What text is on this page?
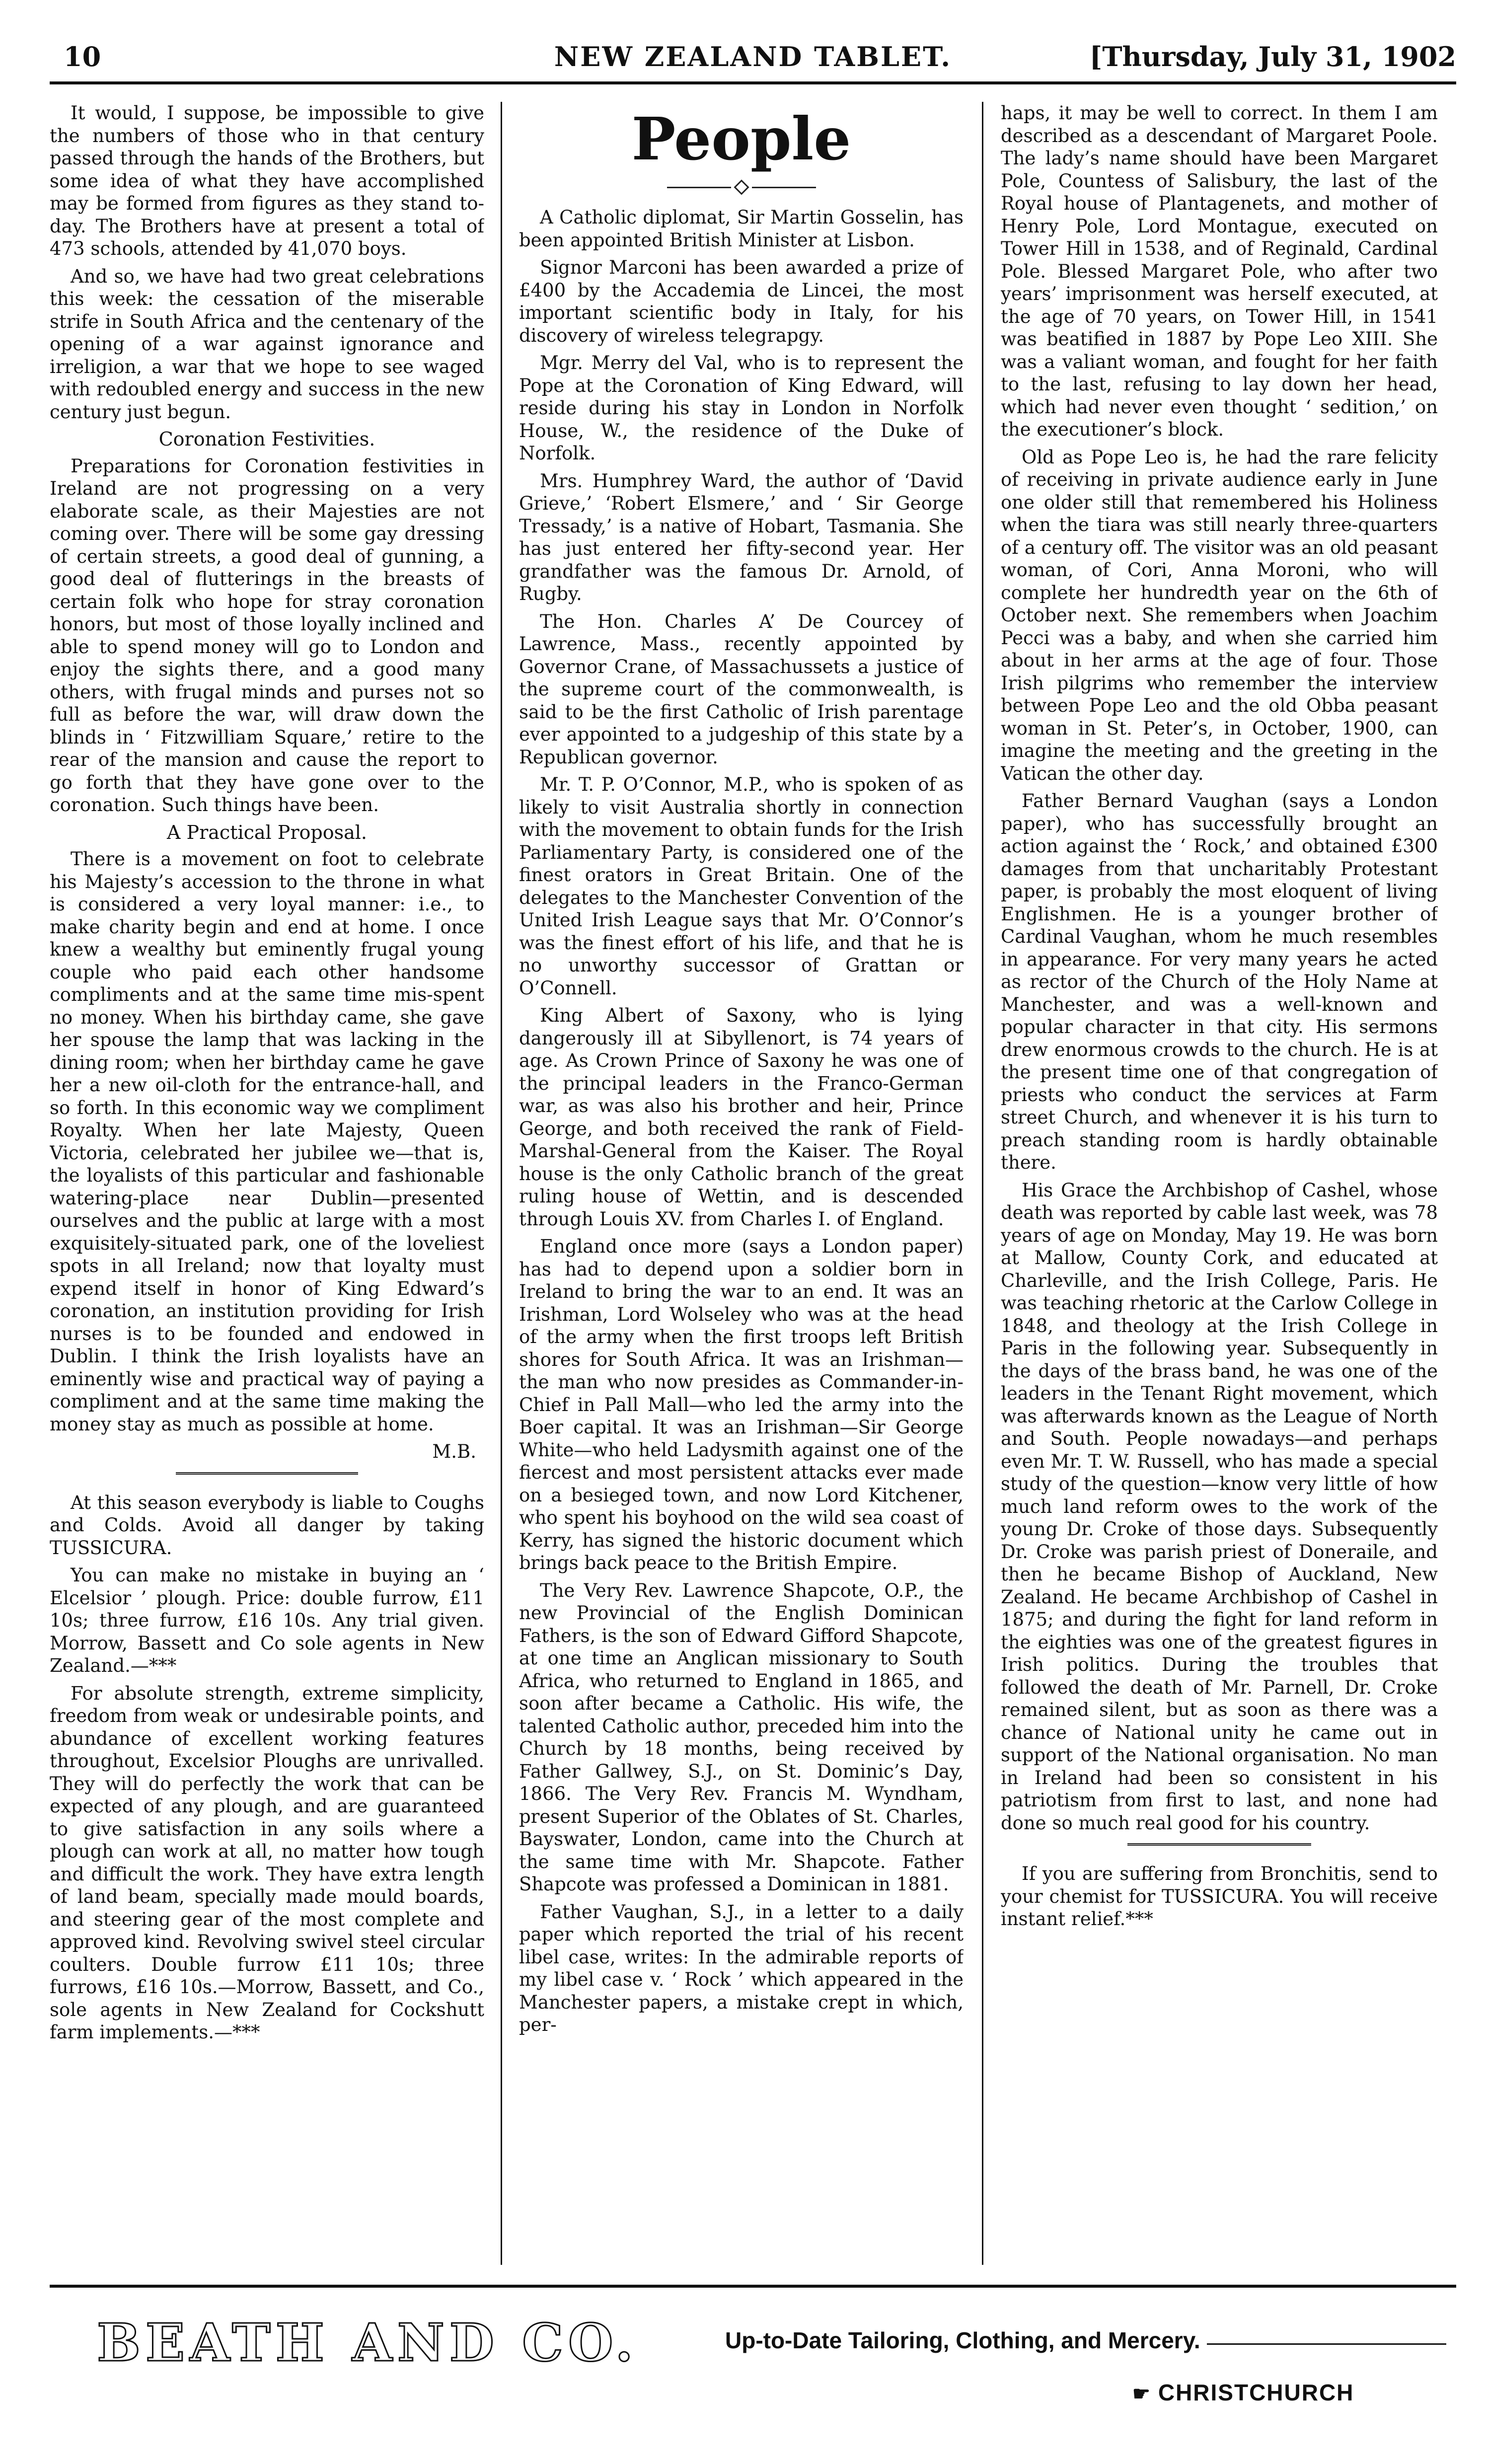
10	NEW ZEALAND TABLET.	[Thursday, July 31, 1902

It would, I suppose, be impossible to give the numbers of those who in that century passed through the hands of the Brothers, but some idea of what they have accomplished may be formed from figures as they stand to-day. The Brothers have at present a total of 473 schools, attended by 41,070 boys.

And so, we have had two great celebrations this week: the cessation of the miserable strife in South Africa and the centenary of the opening of a war against ignorance and irreligion, a war that we hope to see waged with redoubled energy and success in the new century just begun.

Coronation Festivities.

Preparations for Coronation festivities in Ireland are not progressing on a very elaborate scale, as their Majesties are not coming over. There will be some gay dressing of certain streets, a good deal of gunning, a good deal of flutterings in the breasts of certain folk who hope for stray coronation honors, but most of those loyally inclined and able to spend money will go to London and enjoy the sights there, and a good many others, with frugal minds and purses not so full as before the war, will draw down the blinds in ‘ Fitzwilliam Square,’ retire to the rear of the mansion and cause the report to go forth that they have gone over to the coronation. Such things have been.

A Practical Proposal.

There is a movement on foot to celebrate his Majesty’s accession to the throne in what is considered a very loyal manner: i.e., to make charity begin and end at home. I once knew a wealthy but eminently frugal young couple who paid each other handsome compliments and at the same time mis-spent no money. When his birthday came, she gave her spouse the lamp that was lacking in the dining room; when her birthday came he gave her a new oil-cloth for the entrance-hall, and so forth. In this economic way we compliment Royalty. When her late Majesty, Queen Victoria, celebrated her jubilee we—that is, the loyalists of this particular and fashionable watering-place near Dublin—presented ourselves and the public at large with a most exquisitely-situated park, one of the loveliest spots in all Ireland; now that loyalty must expend itself in honor of King Edward’s coronation, an institution providing for Irish nurses is to be founded and endowed in Dublin. I think the Irish loyalists have an eminently wise and practical way of paying a compliment and at the same time making the money stay as much as possible at home.

M.B.

At this season everybody is liable to Coughs and Colds. Avoid all danger by taking TUSSICURA.

You can make no mistake in buying an ‘ Elcelsior ’ plough. Price: double furrow, £11 10s; three furrow, £16 10s. Any trial given. Morrow, Bassett and Co sole agents in New Zealand.—***

For absolute strength, extreme simplicity, freedom from weak or undesirable points, and abundance of excellent working features throughout, Excelsior Ploughs are unrivalled. They will do perfectly the work that can be expected of any plough, and are guaranteed to give satisfaction in any soils where a plough can work at all, no matter how tough and difficult the work. They have extra length of land beam, specially made mould boards, and steering gear of the most complete and approved kind. Revolving swivel steel circular coulters. Double furrow £11 10s; three furrows, £16 10s.—Morrow, Bassett, and Co., sole agents in New Zealand for Cockshutt farm implements.—***

People

A Catholic diplomat, Sir Martin Gosselin, has been appointed British Minister at Lisbon.

Signor Marconi has been awarded a prize of £400 by the Accademia de Lincei, the most important scientific body in Italy, for his discovery of wireless telegrapgy.

Mgr. Merry del Val, who is to represent the Pope at the Coronation of King Edward, will reside during his stay in London in Norfolk House, W., the residence of the Duke of Norfolk.

Mrs. Humphrey Ward, the author of ‘David Grieve,’ ‘Robert Elsmere,’ and ‘ Sir George Tressady,’ is a native of Hobart, Tasmania. She has just entered her fifty-second year. Her grandfather was the famous Dr. Arnold, of Rugby.

The Hon. Charles A’ De Courcey of Lawrence, Mass., recently appointed by Governor Crane, of Massachussets a justice of the supreme court of the commonwealth, is said to be the first Catholic of Irish parentage ever appointed to a judgeship of this state by a Republican governor.

Mr. T. P. O’Connor, M.P., who is spoken of as likely to visit Australia shortly in connection with the movement to obtain funds for the Irish Parliamentary Party, is considered one of the finest orators in Great Britain. One of the delegates to the Manchester Convention of the United Irish League says that Mr. O’Connor’s was the finest effort of his life, and that he is no unworthy successor of Grattan or O’Connell.

King Albert of Saxony, who is lying dangerously ill at Sibyllenort, is 74 years of age. As Crown Prince of Saxony he was one of the principal leaders in the Franco-German war, as was also his brother and heir, Prince George, and both received the rank of Field-Marshal-General from the Kaiser. The Royal house is the only Catholic branch of the great ruling house of Wettin, and is descended through Louis XV. from Charles I. of England.

England once more (says a London paper) has had to depend upon a soldier born in Ireland to bring the war to an end. It was an Irishman, Lord Wolseley who was at the head of the army when the first troops left British shores for South Africa. It was an Irishman—the man who now presides as Commander-in-Chief in Pall Mall—who led the army into the Boer capital. It was an Irishman—Sir George White—who held Ladysmith against one of the fiercest and most persistent attacks ever made on a besieged town, and now Lord Kitchener, who spent his boyhood on the wild sea coast of Kerry, has signed the historic document which brings back peace to the British Empire.

The Very Rev. Lawrence Shapcote, O.P., the new Provincial of the English Dominican Fathers, is the son of Edward Gifford Shapcote, at one time an Anglican missionary to South Africa, who returned to England in 1865, and soon after became a Catholic. His wife, the talented Catholic author, preceded him into the Church by 18 months, being received by Father Gallwey, S.J., on St. Dominic’s Day, 1866. The Very Rev. Francis M. Wyndham, present Superior of the Oblates of St. Charles, Bayswater, London, came into the Church at the same time with Mr. Shapcote. Father Shapcote was professed a Dominican in 1881.

Father Vaughan, S.J., in a letter to a daily paper which reported the trial of his recent libel case, writes: In the admirable reports of my libel case v. ‘ Rock ’ which appeared in the Manchester papers, a mistake crept in which, per-

haps, it may be well to correct. In them I am described as a descendant of Margaret Poole. The lady’s name should have been Margaret Pole, Countess of Salisbury, the last of the Royal house of Plantagenets, and mother of Henry Pole, Lord Montague, executed on Tower Hill in 1538, and of Reginald, Cardinal Pole. Blessed Margaret Pole, who after two years’ imprisonment was herself executed, at the age of 70 years, on Tower Hill, in 1541 was beatified in 1887 by Pope Leo XIII. She was a valiant woman, and fought for her faith to the last, refusing to lay down her head, which had never even thought ‘ sedition,’ on the executioner’s block.

Old as Pope Leo is, he had the rare felicity of receiving in private audience early in June one older still that remembered his Holiness when the tiara was still nearly three-quarters of a century off. The visitor was an old peasant woman, of Cori, Anna Moroni, who will complete her hundredth year on the 6th of October next. She remembers when Joachim Pecci was a baby, and when she carried him about in her arms at the age of four. Those Irish pilgrims who remember the interview between Pope Leo and the old Obba peasant woman in St. Peter’s, in October, 1900, can imagine the meeting and the greeting in the Vatican the other day.

Father Bernard Vaughan (says a London paper), who has successfully brought an action against the ‘ Rock,’ and obtained £300 damages from that uncharitably Protestant paper, is probably the most eloquent of living Englishmen. He is a younger brother of Cardinal Vaughan, whom he much resembles in appearance. For very many years he acted as rector of the Church of the Holy Name at Manchester, and was a well-known and popular character in that city. His sermons drew enormous crowds to the church. He is at the present time one of that congregation of priests who conduct the services at Farm street Church, and whenever it is his turn to preach standing room is hardly obtainable there.

His Grace the Archbishop of Cashel, whose death was reported by cable last week, was 78 years of age on Monday, May 19. He was born at Mallow, County Cork, and educated at Charleville, and the Irish College, Paris. He was teaching rhetoric at the Carlow College in 1848, and theology at the Irish College in Paris in the following year. Subsequently in the days of the brass band, he was one of the leaders in the Tenant Right movement, which was afterwards known as the League of North and South. People nowadays—and perhaps even Mr. T. W. Russell, who has made a special study of the question—know very little of how much land reform owes to the work of the young Dr. Croke of those days. Subsequently Dr. Croke was parish priest of Doneraile, and then he became Bishop of Auckland, New Zealand. He became Archbishop of Cashel in 1875; and during the fight for land reform in the eighties was one of the greatest figures in Irish politics. During the troubles that followed the death of Mr. Parnell, Dr. Croke remained silent, but as soon as there was a chance of National unity he came out in support of the National organisation. No man in Ireland had been so consistent in his patriotism from first to last, and none had done so much real good for his country.

If you are suffering from Bronchitis, send to your chemist for TUSSICURA. You will receive instant relief.***

BEATH AND CO.	Up-to-Date Tailoring, Clothing, and Mercery.
☛ CHRISTCHURCH
